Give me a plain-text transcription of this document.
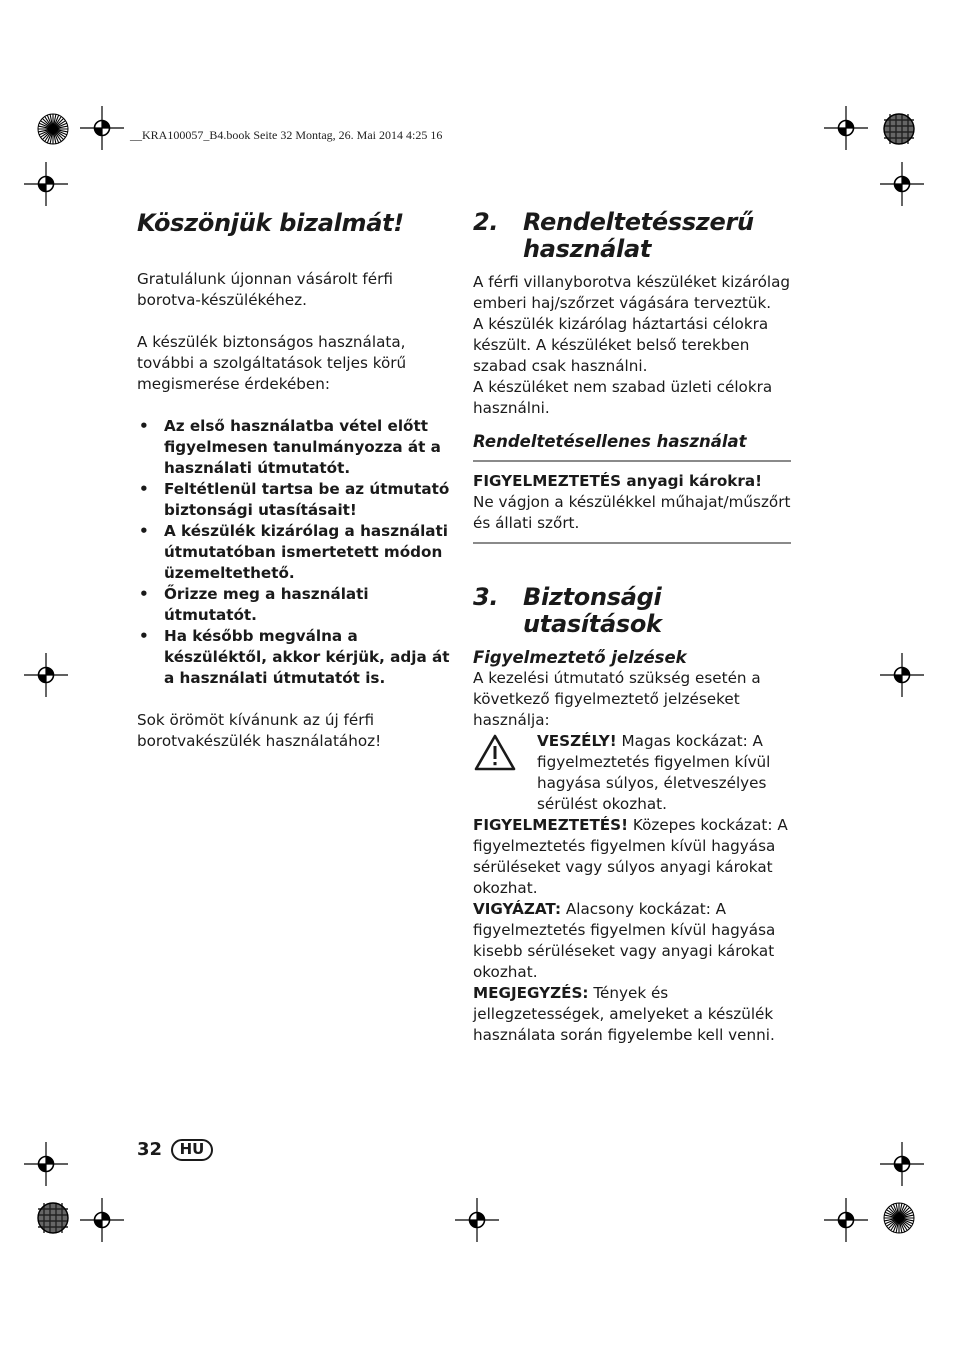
__KRA100057_B4.book Seite 32 Montag, 26. Mai 2014 4:25 16
Köszönjük bizalmát!

Gratulálunk újonnan vásárolt férfi borotva-készülékéhez.

A készülék biztonságos használata, további a szolgáltatások teljes körű megismerése érdekében:

• Az első használatba vétel előtt figyelmesen tanulmányozza át a használati útmutatót.
• Feltétlenül tartsa be az útmutató biztonsági utasításait!
• A készülék kizárólag a használati útmutatóban ismertetett módon üzemeltethető.
• Őrizze meg a használati útmutatót.
• Ha később megválna a készüléktől, akkor kérjük, adja át a használati útmutatót is.

Sok örömöt kívánunk az új férfi borotvakészülék használatához!

2.	Rendeltetésszerű használat

A férfi villanyborotva készüléket kizárólag emberi haj/szőrzet vágására terveztük.

A készülék kizárólag háztartási célokra készült. A készüléket belső terekben szabad csak használni.

A készüléket nem szabad üzleti célokra használni.

Rendeltetésellenes használat

FIGYELMEZTETÉS anyagi károkra!

Ne vágjon a készülékkel műhajat/műszőrt és állati szőrt.

3.	Biztonsági utasítások

Figyelmeztető jelzések

A kezelési útmutató szükség esetén a következő figyelmeztető jelzéseket használja:

VESZÉLY! Magas kockázat: A figyelmeztetés figyelmen kívül hagyása súlyos, életveszélyes sérülést okozhat.

FIGYELMEZTETÉS! Közepes kockázat: A figyelmeztetés figyelmen kívül hagyása sérüléseket vagy súlyos anyagi károkat okozhat.

VIGYÁZAT: Alacsony kockázat: A figyelmeztetés figyelmen kívül hagyása kisebb sérüléseket vagy anyagi károkat okozhat.

MEGJEGYZÉS: Tények és jellegzetességek, amelyeket a készülék használata során figyelembe kell venni.

32	HU
